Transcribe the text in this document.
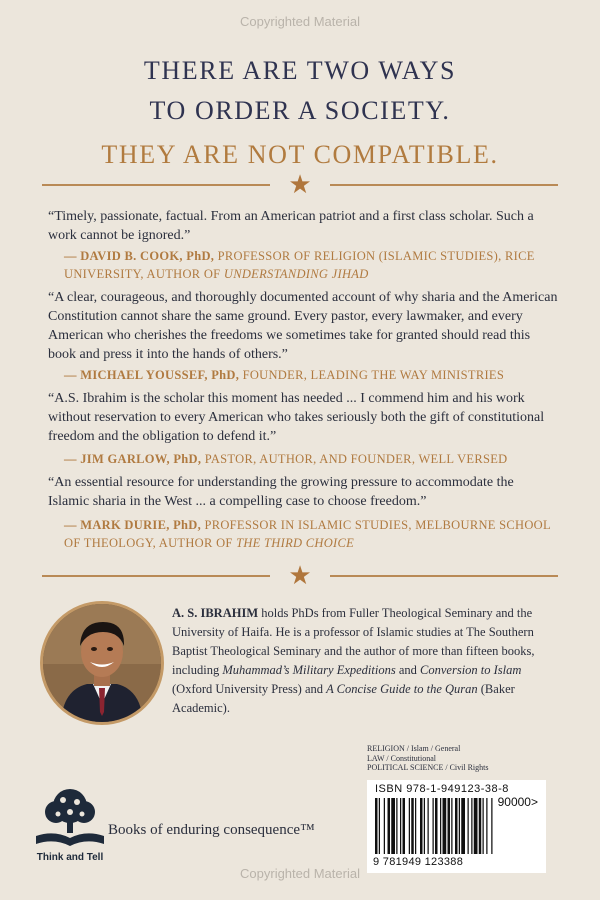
Copyrighted Material
THERE ARE TWO WAYS
TO ORDER A SOCIETY.
THEY ARE NOT COMPATIBLE.
★

“Timely, passionate, factual. From an American patriot and a first class scholar. Such a work cannot be ignored.”

— DAVID B. COOK, PhD, PROFESSOR OF RELIGION (ISLAMIC STUDIES), RICE UNIVERSITY, AUTHOR OF UNDERSTANDING JIHAD

“A clear, courageous, and thoroughly documented account of why sharia and the American Constitution cannot share the same ground. Every pastor, every lawmaker, and every American who cherishes the freedoms we sometimes take for granted should read this book and press it into the hands of others.”

— MICHAEL YOUSSEF, PhD, FOUNDER, LEADING THE WAY MINISTRIES

“A.S. Ibrahim is the scholar this moment has needed ... I commend him and his work without reservation to every American who takes seriously both the gift of constitutional freedom and the obligation to defend it.”

— JIM GARLOW, PhD, PASTOR, AUTHOR, AND FOUNDER, WELL VERSED

“An essential resource for understanding the growing pressure to accommodate the Islamic sharia in the West ... a compelling case to choose freedom.”

— MARK DURIE, PhD, PROFESSOR IN ISLAMIC STUDIES, MELBOURNE SCHOOL OF THEOLOGY, AUTHOR OF THE THIRD CHOICE
★

A. S. IBRAHIM holds PhDs from Fuller Theological Seminary and the University of Haifa. He is a professor of Islamic studies at The Southern Baptist Theological Seminary and the author of more than fifteen books, including Muhammad’s Military Expeditions and Conversion to Islam (Oxford University Press) and A Concise Guide to the Quran (Baker Academic).

RELIGION / Islam / General
LAW / Constitutional
POLITICAL SCIENCE / Civil Rights
ISBN 978-1-949123-38-8
90000>
9 781949 123388
Think and Tell
Books of enduring consequence™
Copyrighted Material
